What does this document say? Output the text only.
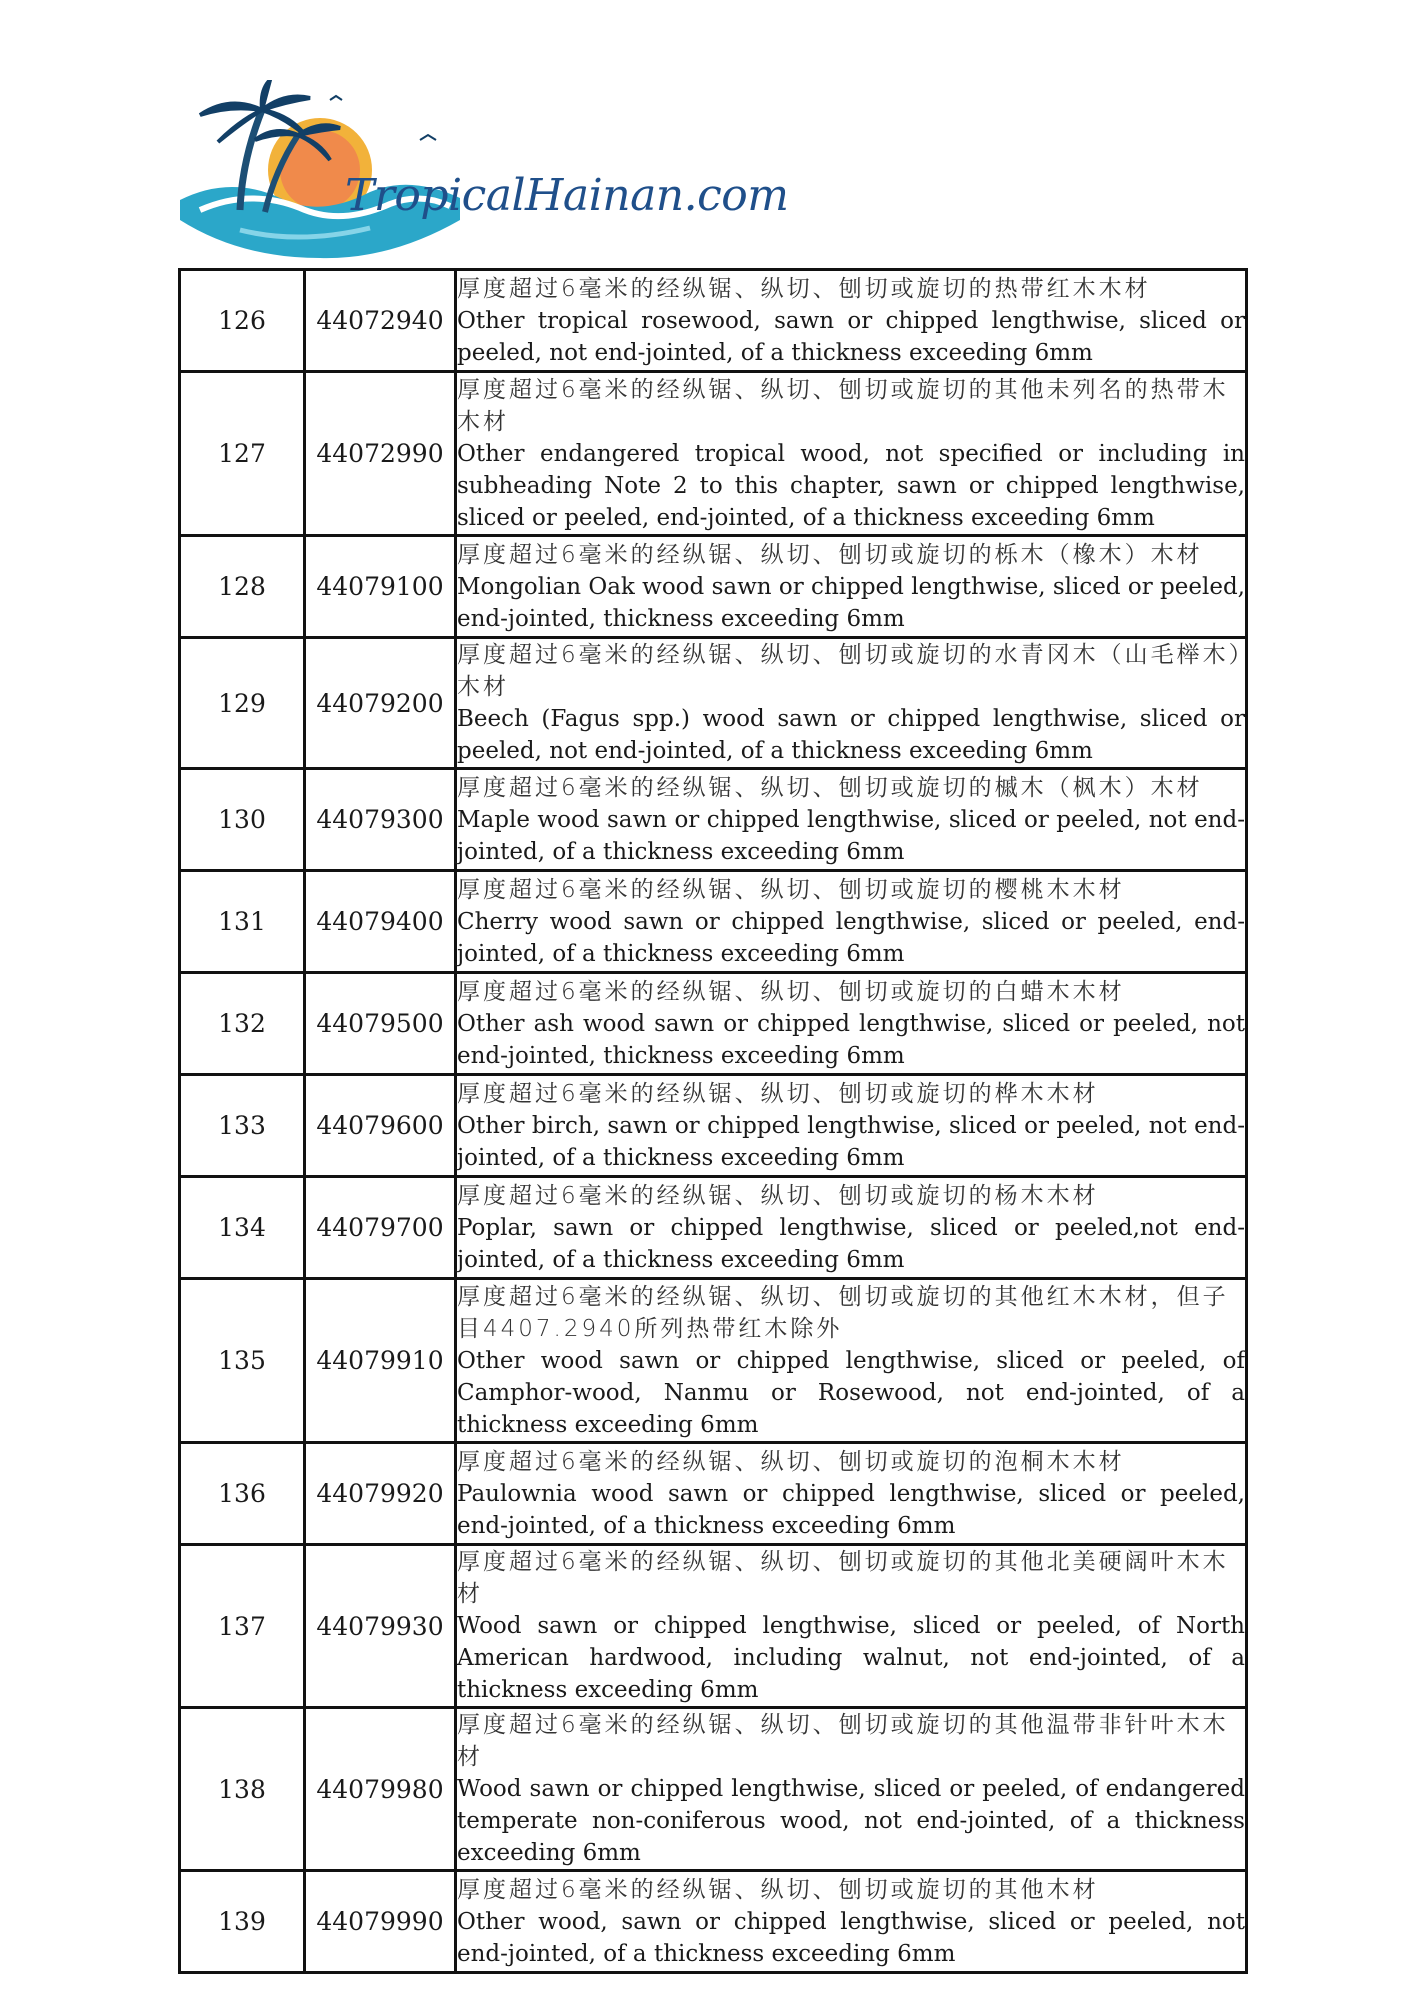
TropicalHainan.com
126	44072940	厚度超过6毫米的经纵锯、纵切、刨切或旋切的热带红木木材
Other tropical rosewood, sawn or chipped lengthwise, sliced or peeled, not end-jointed, of a thickness exceeding 6mm

127	44072990	厚度超过6毫米的经纵锯、纵切、刨切或旋切的其他未列名的热带木木材
Other endangered tropical wood, not specified or including in subheading Note 2 to this chapter, sawn or chipped lengthwise, sliced or peeled, end-jointed, of a thickness exceeding 6mm

128	44079100	厚度超过6毫米的经纵锯、纵切、刨切或旋切的栎木（橡木）木材
Mongolian Oak wood sawn or chipped lengthwise, sliced or peeled, end-jointed, thickness exceeding 6mm

129	44079200	厚度超过6毫米的经纵锯、纵切、刨切或旋切的水青冈木（山毛榉木）木材
Beech (Fagus spp.) wood sawn or chipped lengthwise, sliced or peeled, not end-jointed, of a thickness exceeding 6mm

130	44079300	厚度超过6毫米的经纵锯、纵切、刨切或旋切的槭木（枫木）木材
Maple wood sawn or chipped lengthwise, sliced or peeled, not end-jointed, of a thickness exceeding 6mm

131	44079400	厚度超过6毫米的经纵锯、纵切、刨切或旋切的樱桃木木材
Cherry wood sawn or chipped lengthwise, sliced or peeled, end-jointed, of a thickness exceeding 6mm

132	44079500	厚度超过6毫米的经纵锯、纵切、刨切或旋切的白蜡木木材
Other ash wood sawn or chipped lengthwise, sliced or peeled, not end-jointed, thickness exceeding 6mm

133	44079600	厚度超过6毫米的经纵锯、纵切、刨切或旋切的桦木木材
Other birch, sawn or chipped lengthwise, sliced or peeled, not end-jointed, of a thickness exceeding 6mm

134	44079700	厚度超过6毫米的经纵锯、纵切、刨切或旋切的杨木木材
Poplar, sawn or chipped lengthwise, sliced or peeled,not end-jointed, of a thickness exceeding 6mm

135	44079910	厚度超过6毫米的经纵锯、纵切、刨切或旋切的其他红木木材，但子目4407.2940所列热带红木除外
Other wood sawn or chipped lengthwise, sliced or peeled, of Camphor-wood, Nanmu or Rosewood, not end-jointed, of a thickness exceeding 6mm

136	44079920	厚度超过6毫米的经纵锯、纵切、刨切或旋切的泡桐木木材
Paulownia wood sawn or chipped lengthwise, sliced or peeled, end-jointed, of a thickness exceeding 6mm

137	44079930	厚度超过6毫米的经纵锯、纵切、刨切或旋切的其他北美硬阔叶木木材
Wood sawn or chipped lengthwise, sliced or peeled, of North American hardwood, including walnut, not end-jointed, of a thickness exceeding 6mm

138	44079980	厚度超过6毫米的经纵锯、纵切、刨切或旋切的其他温带非针叶木木材
Wood sawn or chipped lengthwise, sliced or peeled, of endangered temperate non-coniferous wood, not end-jointed, of a thickness exceeding 6mm

139	44079990	厚度超过6毫米的经纵锯、纵切、刨切或旋切的其他木材
Other wood, sawn or chipped lengthwise, sliced or peeled, not end-jointed, of a thickness exceeding 6mm
